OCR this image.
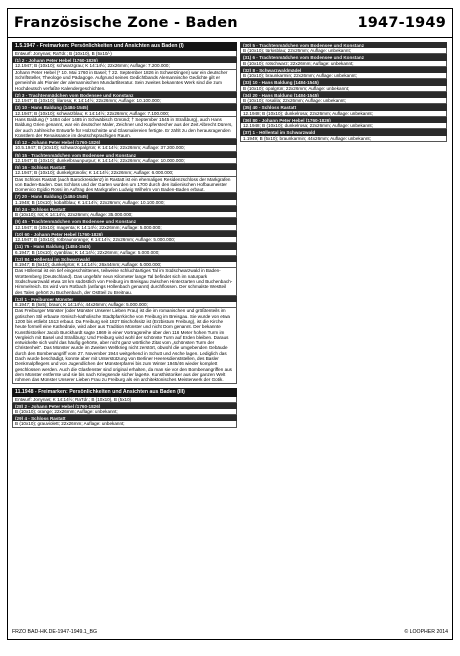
Französische Zone - Baden	1947-1949
1.5.1947 - Freimarken: Persönlichkeiten und Ansichten aus Baden (I)
Entwurf: Jonynas; RaTdr.; B (10x10), B (5x10/-)
(1) 2 - Johann Peter Hebel (1760-1826)
12.1947; B (10x10); schwarzgrau; K 14:14½; 22x26mm; Auflage: 7.200.000;
Johann Peter Hebel (* 10. Mai 1760 in Basel; † 22. September 1826 in Schwetzingen) war ein deutscher Schriftsteller, Theologe und Pädagoge. Aufgrund seines Gedichtbands Alemannische Gedichte gilt er gemeinhin als Pionier der alemannischen Mundartliteratur. Sein zweites bekanntes Werk sind die zum Hochdeutsch verfaßte Kalendergeschichten.
(2) 3 - Trachtenmädchen vom Bodensee und Konstanz
12.1947; B (10x10); lilarosa; K 14:14½; 22x26mm; Auflage: 10.100.000;
(3) 10 - Hans Baldung (1484-1545)
12.1947; B (10x10); schwarzblau; K 14:14½; 22x26mm; Auflage: 7.100.000;
Hans Baldung (* 1484 oder 1485 in Schwäbisch Gmünd; † September 1545 in Straßburg), auch Hans Baldung Grien genannt, war ein deutscher Maler, Zeichner und Kupferstecher aus der Zeit Albrecht Dürers, der auch zahlreiche Entwürfe für Holzschnitte und Glasmalereien fertigte. Er zählt zu den herausragenden Künstlern der Renaissance im deutschsprachigen Raum.
(4) 12 - Johann Peter Hebel (1760-1826)
10.5.1947; B (10x10); schwarzopalgrün; K 14:14½; 22x26mm; Auflage: 37.200.000;
(5) 15 - Trachtenmädchen vom Bodensee und Konstanz
12.1947; B (10x10); dunkelbraunpurpur; K 14:14½; 22x26mm; Auflage: 10.000.000;
(6) 16 - Schloss Rastatt
12.1947; B (10x10); dunkelgrünoliv; K 14:14½; 22x26mm; Auflage: 6.000.000;
Das Schloss Rastatt (auch Barockresidenz) in Rastatt ist ein ehemaliges Residenzschloss der Markgrafen von Baden-Baden. Das Schloss und der Garten wurden um 1700 durch den italienischen Hofbaumeister Domenico Egidio Rossi im Auftrag des Markgrafen Ludwig Wilhelm von Baden-Baden erbaut.
(7) 20 - Hans Baldung (1484-1545)
1.1948; B (10x10); kobaltblau; K 14:14½; 22x26mm; Auflage: 10.100.000;
(8) 24 - Schloss Rastatt
B (10x10); rot; K 14:14½; 22x26mm; Auflage: 35.000.000;
(9) 45 - Trachtenmädchen vom Bodensee und Konstanz
12.1947; B (10x10); magenta; K 14:14½; 22x26mm; Auflage: 5.000.000;
(10) 60 - Johann Peter Hebel (1760-1826)
12.1947; B (10x10); rotbraunorange; K 14:14½; 22x26mm; Auflage: 5.000.000;
(11) 75 - Hans Baldung (1484-1545)
6.1947; B (10x10); cyanblau; K 14:14½; 22x26mm; Auflage: 5.000.000;
(12) 84 - Höllental im Schwarzwald
8.1947; B (5x10); dunkelgrün; K 14:14½; 26x44mm; Auflage: 5.000.000;
Das Höllental ist ein tief eingeschnittenes, teilweise schluchtartiges Tal im Südschwarzwald in Baden-Württemberg (Deutschland). Das ungefähr neun Kilometer lange Tal befindet sich im naturpark Südschwarzwald etwa 18 km südöstlich von Freiburg im Breisgau zwischen Hinterzarten und Buchenbach-Himmelreich. Es wird vom Rotbach (anfangs Höllenbach genannt) durchflossen. Der schmalste Westteil des Tales gehört zu Buchenbach, der Osttteil zu Breitnau.
(13) 1 - Freiburger Münster
8.1947; B (5x5); braun; K 14:14½; 44x26mm; Auflage: 5.000.000;
Das Freiburger Münster (oder Münster Unserer Lieben Frau) ist die im romanischen und größtenteils im gotischen Stil erbaute römisch-katholische Stadtpfarrkirche von Freiburg im Breisgau. Sie wurde von etwa 1200 bis ettliebt 1513 erbaut. Da Freiburg seit 1827 Bischofssitz ist (Erzbistum Freiburg), ist die Kirche heute formell eine Kathedrale, wird aber aus Tradition Münster und nicht Dom genannt. Der bekannte Kunsthistoriker Jacob Burckhardt sagte 1869 in einer Vortragsreihe über den 116 Meter hohen Turm im Vergleich mit Basel und Straßburg: Und Freiburg wird wohl der schönste Turm auf Erden bleiben. Daraus entwickelte sich wohl das häufig gehörte, aber nicht ganz wörtliche Zitat vom „schönsten Turm der Christenheit“. Das Münster wurde im Zweiten Weltkrieg nicht zerstört, obwohl die umgebenden Gebäude durch den Bombenangriff vom 27. November 1944 weitgehend in Schutt und Asche lagen. Lediglich das Dach wurde beschädigt, konnte aber mit Unterstützung von Berliner Heeresdienststellen, des Basler Denkmalpflegers und von Jugendlichen der Münsterpfarrei bis zum Winter 1945/46 wieder komplett geschlossen werden. Auch die Glasfenster sind original erhalten, da man sie vor den Bombenangriffen aus dem Münster entfernte und sie bis nach Kriegsende sicher lagerte. Kunsthistoriker aus der ganzen Welt rühmen das Münster Unserer Lieben Frau zu Freiburg als ein architektonisches Meisterwerk der Gotik.
11.1948 - Freimarken: Persönlichkeiten und Ansichten aus Baden (III)
Entwurf: Jonynas; K 14:14½; RaTdr.; B (10x10), B (5x10)
(28) 2 - Johann Peter Hebel (1760-1826)
B (10x10); orange; 22x26mm; Auflage: unbekannt;
(29) 4 - Schloss Rastatt
B (10x10); grauviolett; 22x26mm; Auflage: unbekannt;
(30) 5 - Trachtenmädchen vom Bodensee und Konstanz
B (10x10); türkisblau; 22x26mm; Auflage: unbekannt;
(31) 6 - Trachtenmädchen vom Bodensee und Konstanz
B (10x10); rotschwarz; 22x26mm; Auflage: unbekannt;
(32) 8 - Schwarzwaldmädel
B (10x10); braunkarmin; 22x26mm; Auflage: unbekannt;
(33) 10 - Hans Baldung (1484-1545)
B (10x10); opalgrün; 22x26mm; Auflage: unbekannt;
(34) 20 - Hans Baldung (1484-1545)
B (10x10); rosalila; 22x26mm; Auflage: unbekannt;
(35) 40 - Schloss Rastatt
12.1948; B (10x10); dunkelrosa; 22x26mm; Auflage: unbekannt;
(36) 80 - Johann Peter Hebel (1760-1826)
12.1948; B (10x10); dunkelrosa; 22x26mm; Auflage: unbekannt;
(37) 1 - Höllental im Schwarzwald
1.1949; B (5x10); braunkarmin; 44x26mm; Auflage: unbekannt;
FRZO BAD-HK.DE-1947-1949.1_BG	© LOOPHER 2014
